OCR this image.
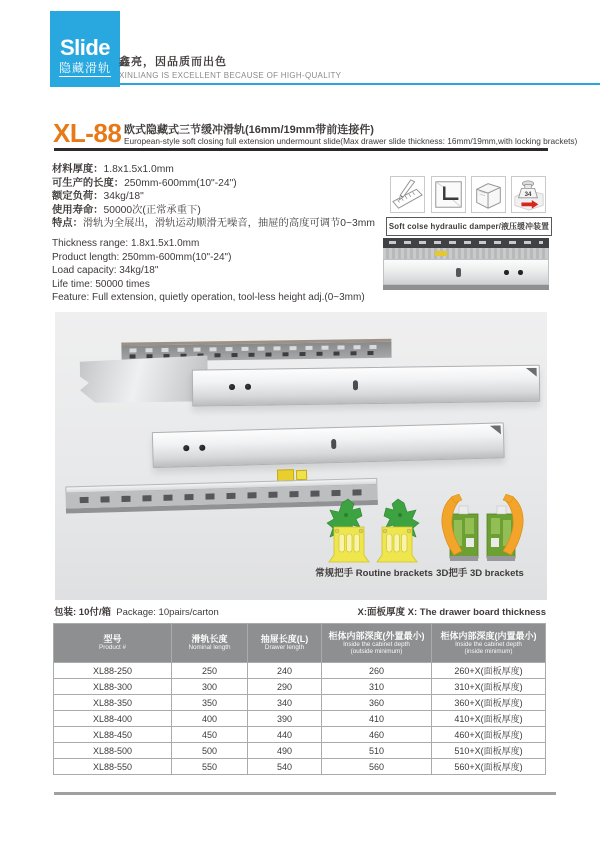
Slide
隐藏滑轨 鑫亮，因品质而出色
XINLIANG IS EXCELLENT BECAUSE OF HIGH-QUALITY
XL-88 欧式隐藏式三节缓冲滑轨(16mm/19mm带前连接件)
European-style soft closing full extension undermount slide(Max drawer slide thickness: 16mm/19mm,with locking brackets)
材料厚度：1.8x1.5x1.0mm
可生产的长度：250mm-600mm(10"-24")
额定负荷：34kg/18"
使用寿命：50000次(正常承重下)
特点：滑轨为全展出，滑轨运动顺滑无噪音，抽屉的高度可调节0~3mm
Thickness range: 1.8x1.5x1.0mm
Product length: 250mm-600mm(10"-24")
Load capacity: 34kg/18"
Life time: 50000 times
Feature: Full extension, quietly operation, tool-less height adj.(0~3mm)
34
Soft colse hydraulic damper/液压缓冲装置
常规把手 Routine brackets 3D把手 3D brackets
包装: 10付/箱 Package: 10pairs/carton	X:面板厚度 X: The drawer board thickness
型号
Product #

滑轨长度
Nominal length

抽屉长度(L)
Drawer length

柜体内部深度(外置最小)
Inside the cabinet depth
(outside minimum)

柜体内部深度(内置最小)
Inside the cabinet depth
(inside minimum)

XL88-250	250	240	260	260+X(面板厚度)
XL88-300	300	290	310	310+X(面板厚度)
XL88-350	350	340	360	360+X(面板厚度)
XL88-400	400	390	410	410+X(面板厚度)
XL88-450	450	440	460	460+X(面板厚度)
XL88-500	500	490	510	510+X(面板厚度)
XL88-550	550	540	560	560+X(面板厚度)
